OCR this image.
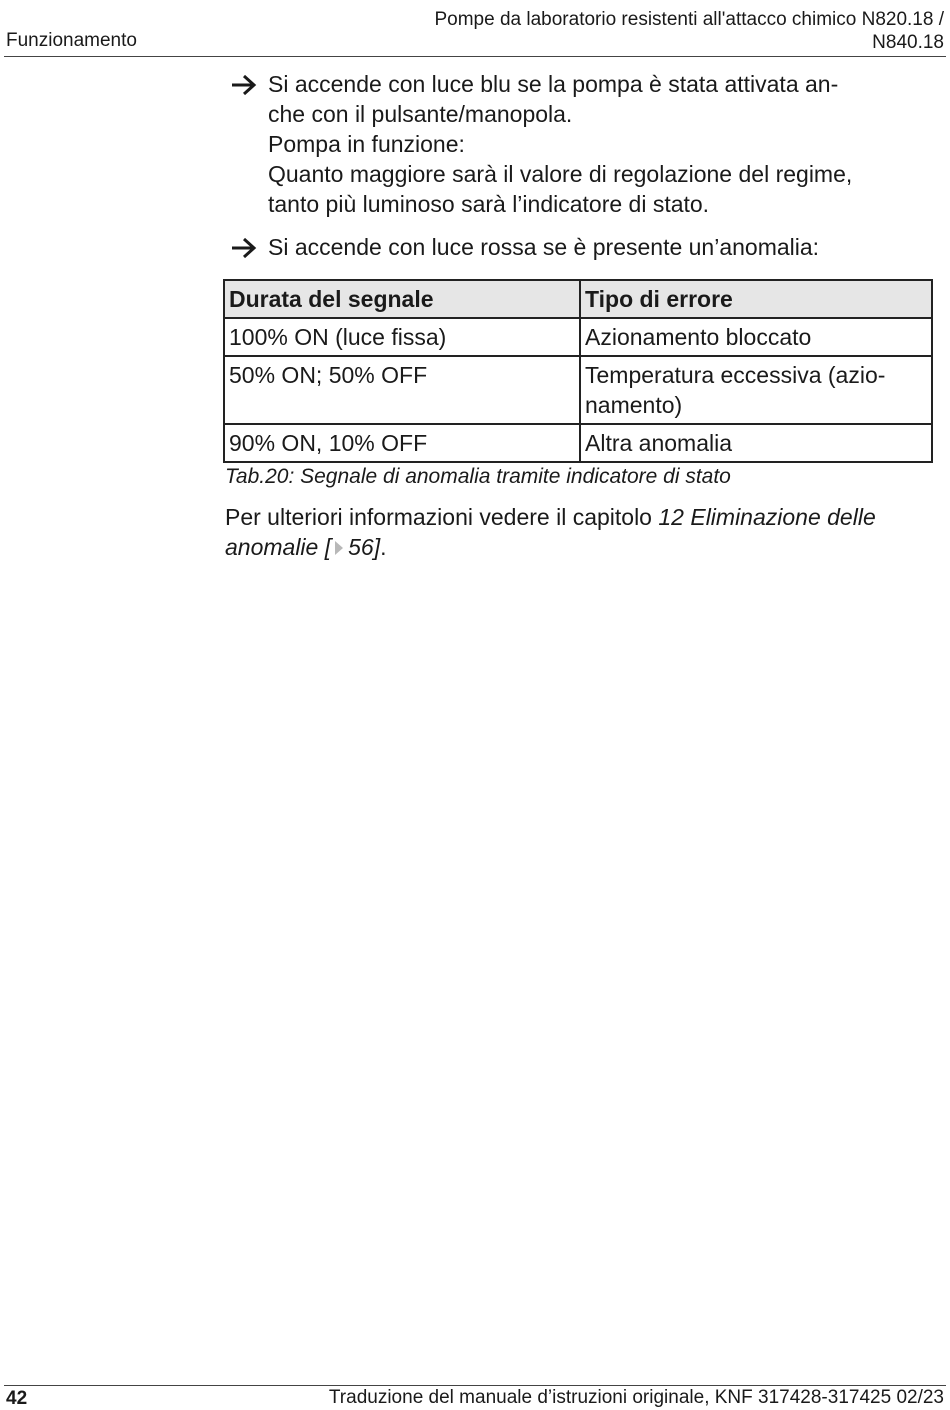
Funzionamento
Pompe da laboratorio resistenti all'attacco chimico N820.18 /
N840.18
Si accende con luce blu se la pompa è stata attivata an-
che con il pulsante/manopola.
Pompa in funzione:
Quanto maggiore sarà il valore di regolazione del regime,
tanto più luminoso sarà l’indicatore di stato.
Si accende con luce rossa se è presente un’anomalia:
Durata del segnale	Tipo di errore
100% ON (luce fissa)	Azionamento bloccato

50% ON; 50% OFF	Temperatura eccessiva (azio-
namento)

90% ON, 10% OFF	Altra anomalia
Tab.20: Segnale di anomalia tramite indicatore di stato
Per ulteriori informazioni vedere il capitolo 12 Eliminazione delle anomalie [ 56].
42	Traduzione del manuale d’istruzioni originale, KNF 317428-317425 02/23
